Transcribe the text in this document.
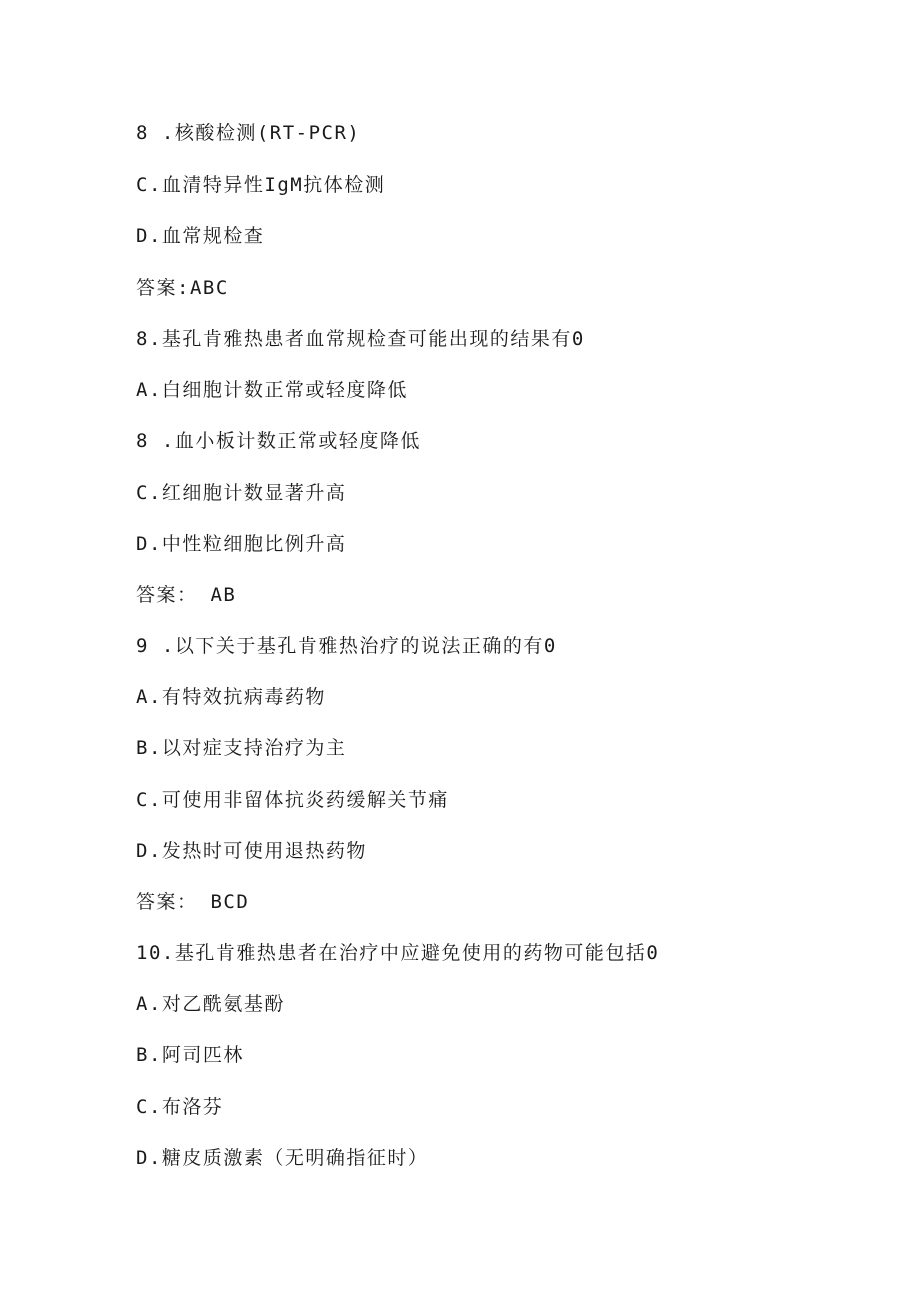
8 .核酸检测(RT-PCR)
C.血清特异性IgM抗体检测
D.血常规检查
答案:ABC
8.基孔肯雅热患者血常规检查可能出现的结果有0
A.白细胞计数正常或轻度降低
8 .血小板计数正常或轻度降低
C.红细胞计数显著升高
D.中性粒细胞比例升高
答案： AB
9 .以下关于基孔肯雅热治疗的说法正确的有0
A.有特效抗病毒药物
B.以对症支持治疗为主
C.可使用非留体抗炎药缓解关节痛
D.发热时可使用退热药物
答案： BCD
10.基孔肯雅热患者在治疗中应避免使用的药物可能包括0
A.对乙酰氨基酚
B.阿司匹林
C.布洛芬
D.糖皮质激素（无明确指征时）
